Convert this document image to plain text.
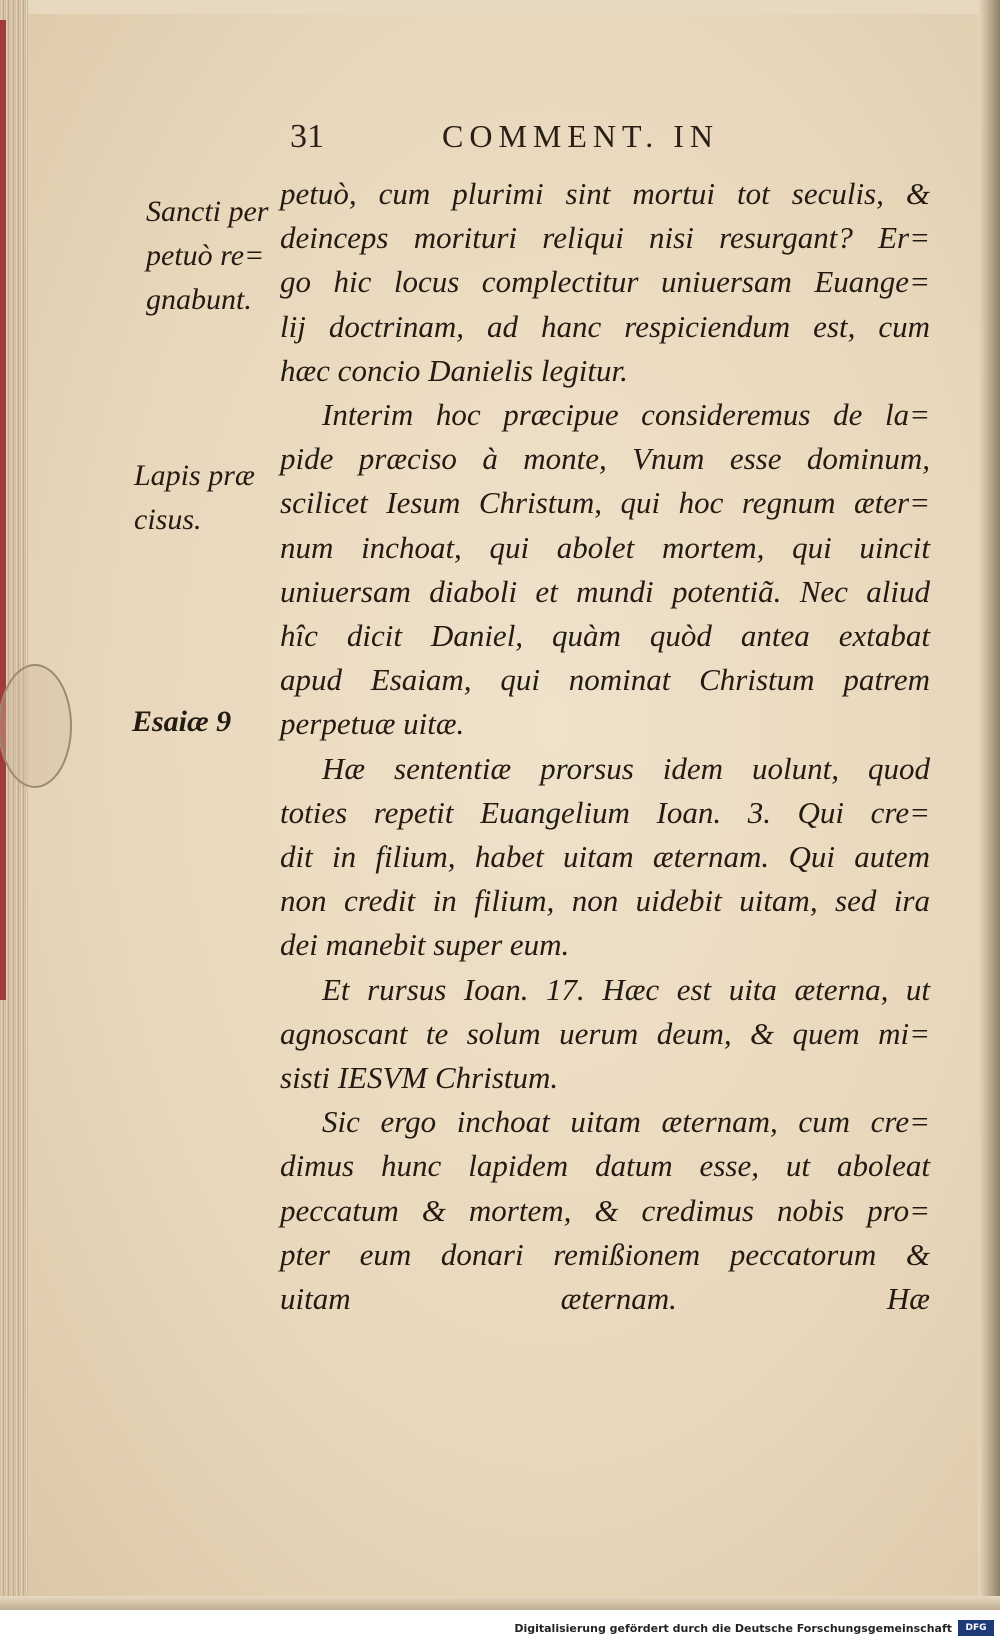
31	COMMENT. IN
Sancti per
petuò re=
gnabunt.
Lapis præ
cisus.
Esaiæ 9
petuò, cum plurimi sint mortui tot seculis, &
deinceps morituri reliqui nisi resurgant? Er=
go hic locus complectitur uniuersam Euange=
lij doctrinam, ad hanc respiciendum est, cum
hæc concio Danielis legitur.
Interim hoc præcipue consideremus de la=
pide præciso à monte, Vnum esse dominum,
scilicet Iesum Christum, qui hoc regnum æter=
num inchoat, qui abolet mortem, qui uincit
uniuersam diaboli et mundi potentiã. Nec aliud
hîc dicit Daniel, quàm quòd antea extabat
apud Esaiam, qui nominat Christum patrem
perpetuæ uitæ.
Hæ sententiæ prorsus idem uolunt, quod
toties repetit Euangelium Ioan. 3. Qui cre=
dit in filium, habet uitam æternam. Qui autem
non credit in filium, non uidebit uitam, sed ira
dei manebit super eum.
Et rursus Ioan. 17. Hæc est uita æterna, ut
agnoscant te solum uerum deum, & quem mi=
sisti IESVM Christum.
Sic ergo inchoat uitam æternam, cum cre=
dimus hunc lapidem datum esse, ut aboleat
peccatum & mortem, & credimus nobis pro=
pter eum donari remißionem peccatorum &
uitam æternam.	Hæ
Digitalisierung gefördert durch die Deutsche Forschungsgemeinschaft	DFG
